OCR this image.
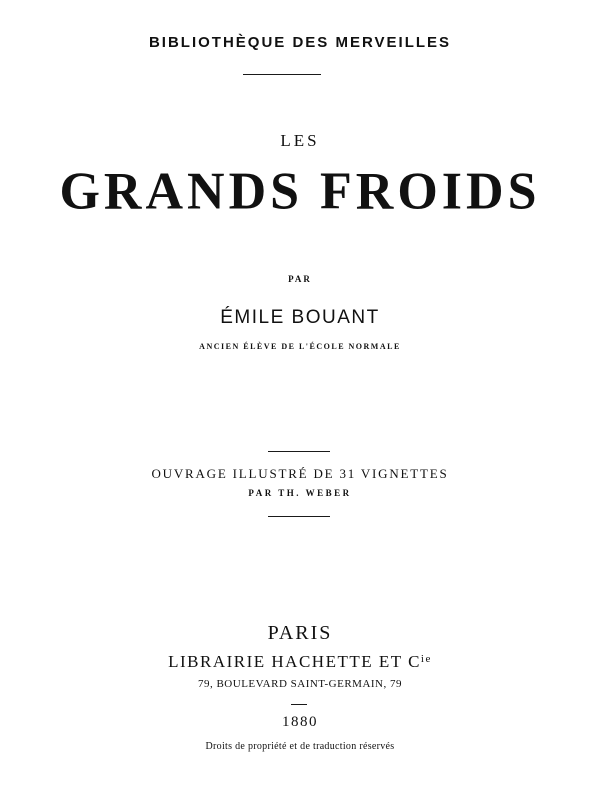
BIBLIOTHÈQUE DES MERVEILLES
LES
GRANDS FROIDS
PAR
ÉMILE BOUANT
ANCIEN ÉLÈVE DE L'ÉCOLE NORMALE
OUVRAGE ILLUSTRÉ DE 31 VIGNETTES
PAR TH. WEBER
PARIS
LIBRAIRIE HACHETTE ET $C^{ie}$
79, BOULEVARD SAINT-GERMAIN, 79
1880
Droits de propriété et de traduction réservés
